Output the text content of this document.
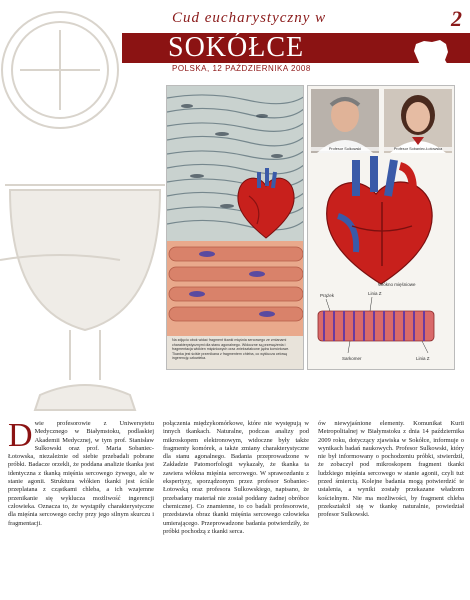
Cud eucharystyczny w	2
SOKÓŁCE
POLSKA, 12 PAŹDZIERNIKA 2008
Na zdjęciu obok widać fragment tkanki mięśnia sercowego ze zmianami charakterystycznymi dla stanu agonalnego. Widoczne są przewężenia i fragmentacja włókien mięśniowych oraz zniekształcone jądra komórkowe. Tkanka jest ściśle przenikana z fragmentem chleba, co wyklucza celową ingerencję człowieka.
Profesor Sulkowski	Profesor Sobaniec-Łotowska
Włókno mięśniowe
Prążek	Linia Z
Sarkomer	Linia Z
D wie profesorowie z Uniwersytetu Medycznego w Białymstoku, podlaskiej Akademii Medycznej, w tym prof. Stanisław Sulkowski oraz prof. Maria Sobaniec-Łotowska, niezależnie od siebie przebadali pobrane próbki. Badacze orzekli, że poddana analizie tkanka jest identyczna z tkanką mięśnia sercowego żywego, ale w stanie agonii. Struktura włókien tkanki jest ściśle przeplatana z cząstkami chleba, a ich wzajemne przenikanie się wyklucza możliwość ingerencji człowieka. Oznacza to, że wystąpiły charakterystyczne dla mięśnia sercowego cechy przy jego silnym skurczu i fragmentacji.
połączenia międzykomórkowe, które nie występują w innych tkankach. Naturalne, podczas analizy pod mikroskopem elektronowym, widoczne były także fragmenty komórek, a także zmiany charakterystyczne dla stanu agonalnego. Badania przeprowadzone w Zakładzie Patomorfologii wykazały, że tkanka ta zawiera włókna mięśnia sercowego. W sprawozdaniu z ekspertyzy, sporządzonym przez profesor Sobaniec-Łotowską oraz profesora Sulkowskiego, napisano, że przebadany materiał nie został poddany żadnej obróbce chemicznej. Co znamienne, to co badali profesorowie, przedstawia obraz tkanki mięśnia sercowego człowieka umierającego. Przeprowadzone badania potwierdziły, że próbki pochodzą z tkanki serca.
ów niewyjaśnione elementy. Komunikat Kurii Metropolitalnej w Białymstoku z dnia 14 października 2009 roku, dotyczący zjawiska w Sokółce, informuje o wynikach badań naukowych. Profesor Sulkowski, który nie był informowany o pochodzeniu próbki, stwierdził, że zobaczył pod mikroskopem fragment tkanki ludzkiego mięśnia sercowego w stanie agonii, czyli tuż przed śmiercią. Kolejne badania mogą potwierdzić te ustalenia, a wyniki zostały przekazane władzom kościelnym. Nie ma możliwości, by fragment chleba przekształcił się w tkankę naturalnie, powiedział profesor Sulkowski.
